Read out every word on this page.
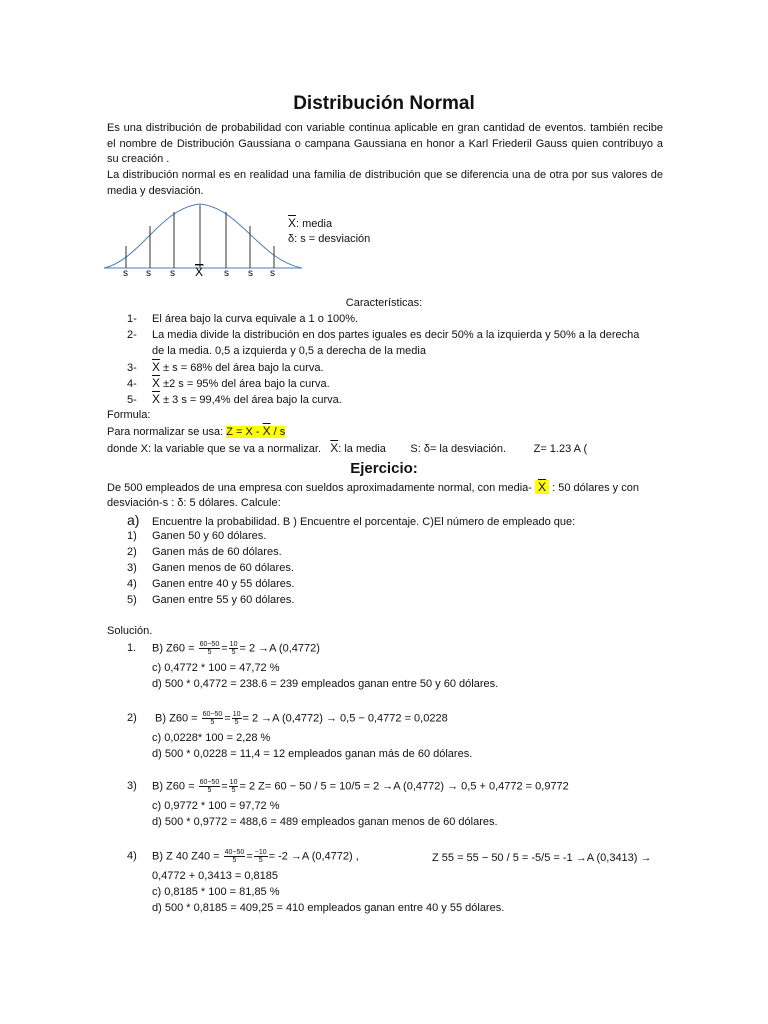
Distribución Normal
Es una distribución de probabilidad con variable continua aplicable en gran cantidad de eventos. también recibe el nombre de Distribución Gaussiana o campana Gaussiana en honor a Karl Friederil Gauss quien contribuyo a su creación .
La distribución normal es en realidad una familia de distribución que se diferencia una de otra por sus valores de media y desviación.
s s s X s s s
$\overline{X}$: media
δ: s = desviación
Características:
1- El área bajo la curva equivale a 1 o 100%.
2- La media divide la distribución en dos partes iguales es decir 50% a la izquierda y 50% a la derecha
de la media. 0,5 a izquierda y 0,5 a derecha de la media
3- $\overline{X} \pm s = 68\%$ del área bajo la curva.
4- $\overline{X} \pm 2$ s = 95% del área bajo la curva.
5- $\overline{X} \pm 3$ s = 99,4% del área bajo la curva.
Formula:
Para normalizar se usa: $Z = X - \overline{X} / s$
donde X: la variable que se va a normalizar. $\overline{X}$: la media S: δ= la desviación.	Z= 1.23 A (
Ejercicio:
De 500 empleados de una empresa con sueldos aproximadamente normal, con media- $\overline{X}$ : 50 dólares y con
desviación-s : δ: 5 dólares. Calcule:
a) Encuentre la probabilidad. B ) Encuentre el porcentaje. C)El número de empleado que:
1) Ganen 50 y 60 dólares.
2) Ganen más de 60 dólares.
3) Ganen menos de 60 dólares.
4) Ganen entre 40 y 55 dólares.
5) Ganen entre 55 y 60 dólares.
Solución.
1. B) $Z60 = \frac{60-50}{5} = \frac{10}{5} = 2 \to A$ (0,4772)
c) 0,4772 * 100 = 47,72 %
d) 500 * 0,4772 = 238.6 = 239 empleados ganan entre 50 y 60 dólares.
2) B) $Z60 = \frac{60-50}{5} = \frac{10}{5} = 2 \to A$ (0,4772) → 0,5 − 0,4772 = 0,0228
c) 0,0228* 100 = 2,28 %
d) 500 * 0,0228 = 11,4 = 12 empleados ganan más de 60 dólares.
3) B) $Z60 = \frac{60-50}{5} = \frac{10}{5} = 2$ Z= 60 − 50 / 5 = 10/5 = 2 →A (0,4772) → 0,5 + 0,4772 = 0,9772
c) 0,9772 * 100 = 97,72 %
d) 500 * 0,9772 = 488,6 = 489 empleados ganan menos de 60 dólares.
4) B) Z 40 $Z40 = \frac{40-50}{5} = \frac{-10}{5} = -2 \to A$ (0,4772) ,	Z 55 = 55 − 50 / 5 = -5/5 = -1 →A (0,3413) →
0,4772 + 0,3413 = 0,8185
c) 0,8185 * 100 = 81,85 %
d) 500 * 0,8185 = 409,25 = 410 empleados ganan entre 40 y 55 dólares.
